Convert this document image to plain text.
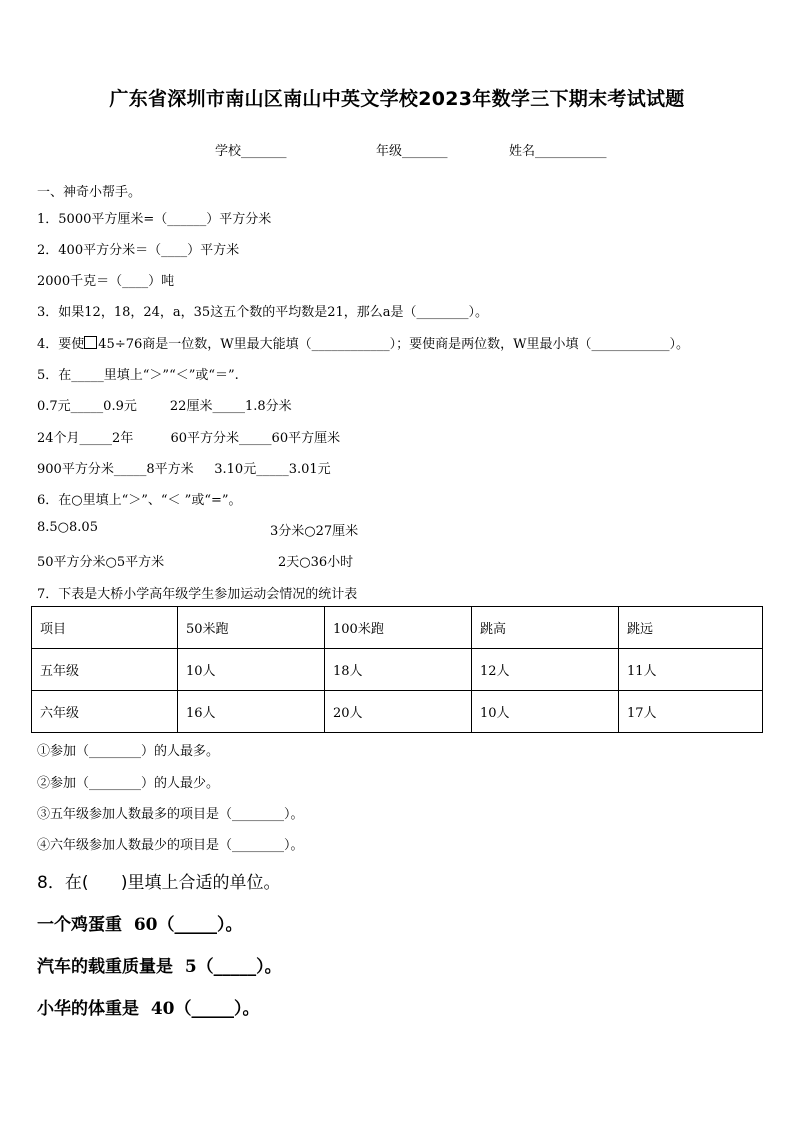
广东省深圳市南山区南山中英文学校2023年数学三下期末考试试题
学校_______	年级_______	姓名___________
一、神奇小帮手。
1．5000平方厘米=（______）平方分米
2．400平方分米＝（____）平方米
2000千克＝（____）吨
3．如果12，18，24，a，35这五个数的平均数是21，那么a是（________）。
4．要使 45÷76商是一位数，W里最大能填（____________）；要使商是两位数，W里最小填（____________）。
5．在_____里填上“＞”“＜”或“＝”.
0.7元_____0.9元        22厘米_____1.8分米
24个月_____2年         60平方分米_____60平方厘米
900平方分米_____8平方米     3.10元_____3.01元
6．在○里填上“＞”、“＜ ”或“=”。
8.5○8.05	3分米○27厘米
50平方分米○5平方米	2天○36小时
7．下表是大桥小学高年级学生参加运动会情况的统计表
项目	50米跑	100米跑	跳高	跳远
五年级	10人	18人	12人	11人
六年级	16人	20人	10人	17人
①参加（________）的人最多。
②参加（________）的人最少。
③五年级参加人数最多的项目是（________）。
④六年级参加人数最少的项目是（________）。
8．在(      )里填上合适的单位。
一个鸡蛋重  60（_____）。
汽车的载重质量是  5（_____）。
小华的体重是  40（_____）。
